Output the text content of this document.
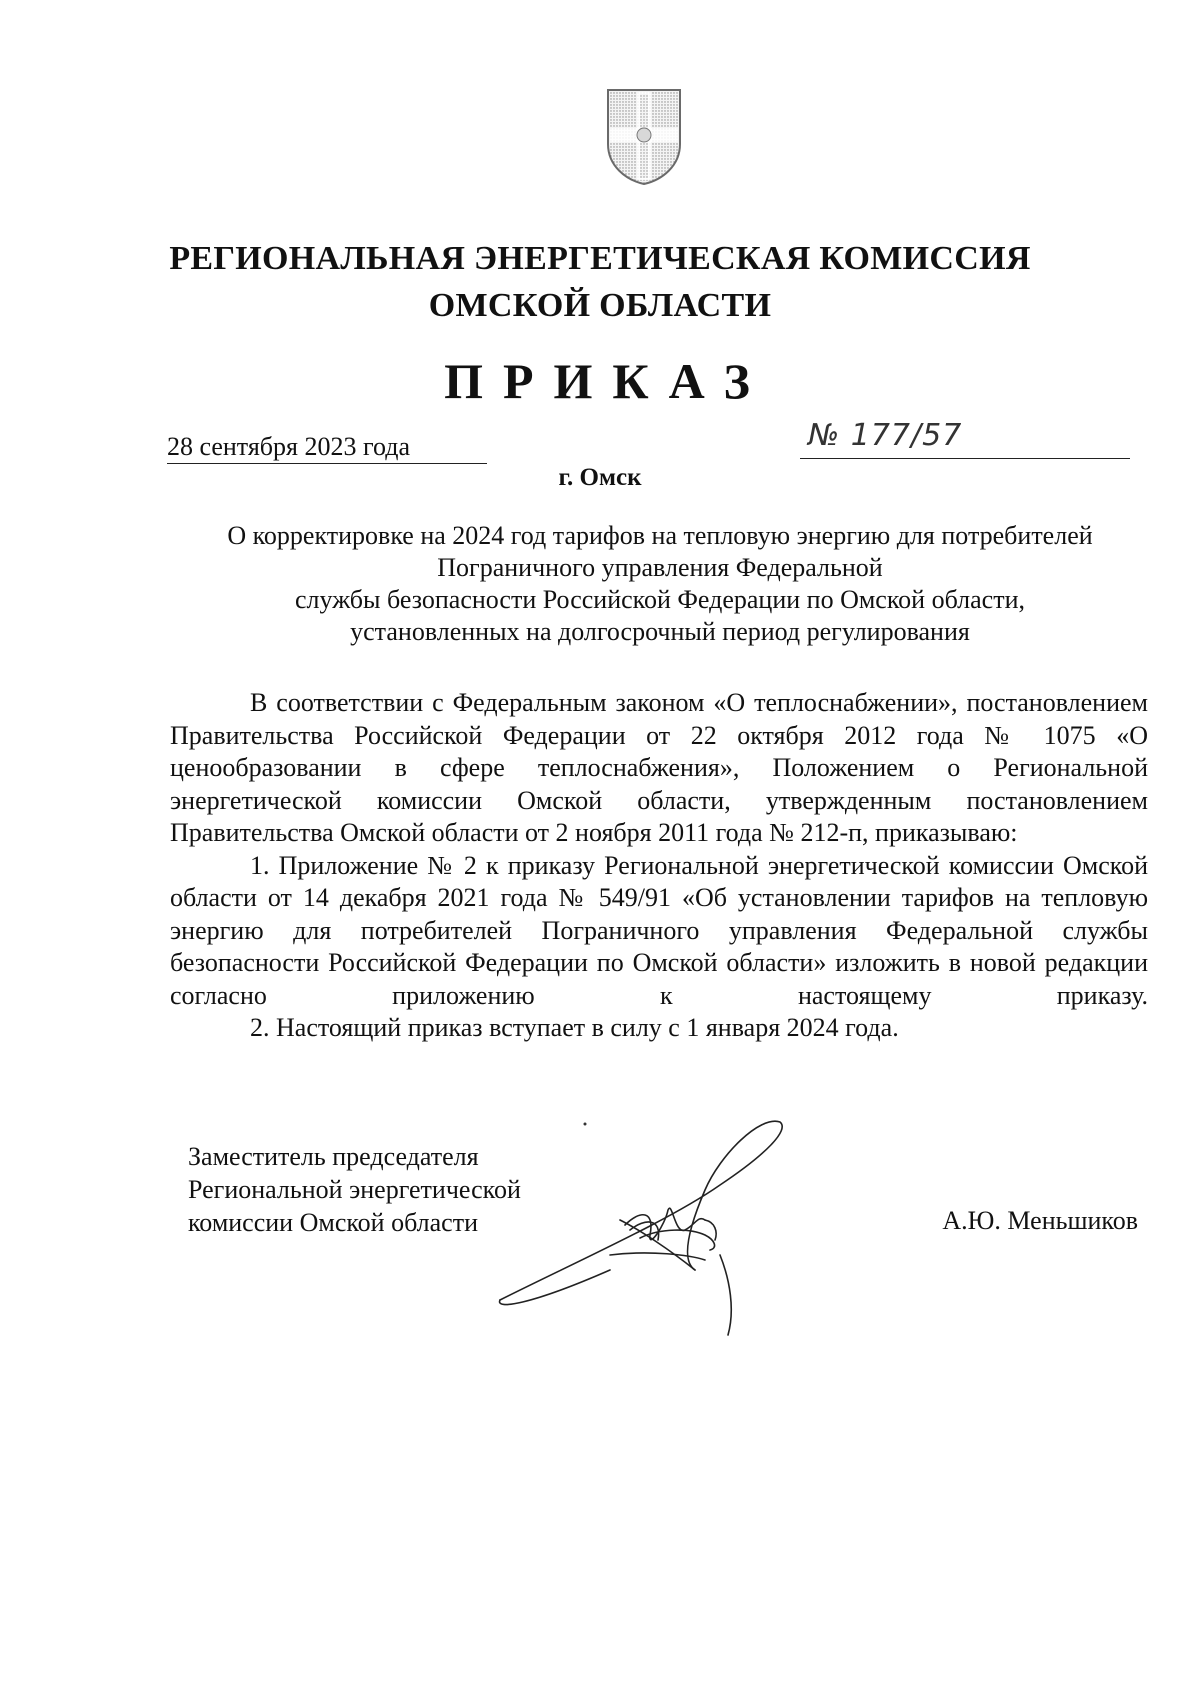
РЕГИОНАЛЬНАЯ ЭНЕРГЕТИЧЕСКАЯ КОМИССИЯ
ОМСКОЙ ОБЛАСТИ
ПРИКАЗ
28 сентября 2023 года	№ 177/57
г. Омск
О корректировке на 2024 год тарифов на тепловую энергию для потребителей
Пограничного управления Федеральной
службы безопасности Российской Федерации по Омской области,
установленных на долгосрочный период регулирования

В соответствии с Федеральным законом «О теплоснабжении», постановлением Правительства Российской Федерации от 22 октября 2012 года № 1075 «О ценообразовании в сфере теплоснабжения», Положением о Региональной энергетической комиссии Омской области, утвержденным постановлением Правительства Омской области от 2 ноября 2011 года № 212-п, приказываю:

1. Приложение № 2 к приказу Региональной энергетической комиссии Омской области от 14 декабря 2021 года № 549/91 «Об установлении тарифов на тепловую энергию для потребителей Пограничного управления Федеральной службы безопасности Российской Федерации по Омской области» изложить в новой редакции согласно приложению к настоящему приказу.

2. Настоящий приказ вступает в силу с 1 января 2024 года.

Заместитель председателя
Региональной энергетической
комиссии Омской области	А.Ю. Меньшиков
